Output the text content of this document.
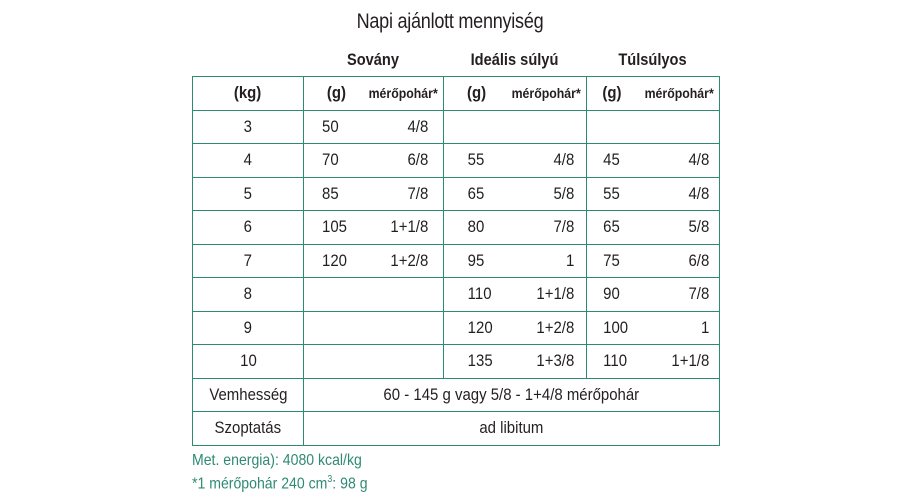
Napi ajánlott mennyiség
Sovány	Ideális súlyú	Túlsúlyos
(kg)	(g) mérőpohár*	(g) mérőpohár*	(g) mérőpohár*

3	50 4/8		

4	70 6/8	55 4/8	45 4/8

5	85 7/8	65 5/8	55 4/8

6	105 1+1/8	80 7/8	65 5/8

7	120 1+2/8	95 1	75 6/8

8		110 1+1/8	90 7/8

9		120 1+2/8	100 1

10		135 1+3/8	110 1+1/8

Vemhesség	60 - 145 g vagy 5/8 - 1+4/8 mérőpohár		
Szoptatás	ad libitum		
Met. energia): 4080 kcal/kg
*1 mérőpohár 240 $cm^3$: 98 g
